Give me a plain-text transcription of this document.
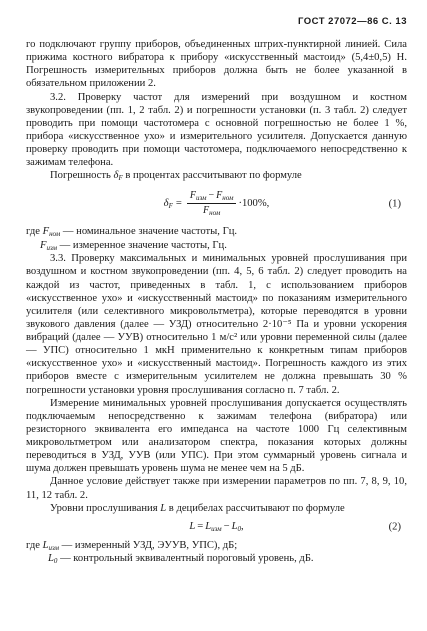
ГОСТ 27072—86 С. 13

го подключают группу приборов, объединенных штрих-пунктирной линией. Сила прижима костного вибратора к прибору «искусственный мастоид» (5,4±0,5) Н. Погрешность измерительных приборов должна быть не более указанной в обязательном приложении 2.

3.2. Проверку частот для измерений при воздушном и костном звукопроведении (пп. 1, 2 табл. 2) и погрешности установки (п. 3 табл. 2) следует проводить при помощи частотомера с основной погрешностью не более 1 %, прибора «искусственное ухо» и измерительного усилителя. Допускается данную проверку проводить при помощи частотомера, подключаемого непосредственно к зажимам телефона.

Погрешность $\delta_F$ в процентах рассчитывают по формуле

$\delta_F = \frac{F_{изм} - F_{ном}}{F_{ном}} \cdot 100\%$,	(1)
где $F_{ном}$ — номинальное значение частоты, Гц.
$F_{изм}$ — измеренное значение частоты, Гц.

3.3. Проверку максимальных и минимальных уровней прослушивания при воздушном и костном звукопроведении (пп. 4, 5, 6 табл. 2) следует проводить на каждой из частот, приведенных в табл. 1, с использованием приборов «искусственное ухо» и «искусственный мастоид» по показаниям измерительного усилителя (или селективного микровольтметра), которые переводятся в уровни звукового давления (далее — УЗД) относительно 2·10⁻⁵ Па и уровни ускорения вибраций (далее — УУВ) относительно 1 м/с² или уровни переменной силы (далее — УПС) относительно 1 мкН применительно к конкретным типам приборов «искусственное ухо» и «искусственный мастоид». Погрешность каждого из этих приборов вместе с измерительным усилителем не должна превышать 30 % погрешности установки уровня прослушивания согласно п. 7 табл. 2.

Измерение минимальных уровней прослушивания допускается осуществлять подключаемым непосредственно к зажимам телефона (вибратора) или резисторного эквивалента его импеданса на частоте 1000 Гц селективным микровольтметром или анализатором спектра, показания которых должны переводиться в УЗД, УУВ (или УПС). При этом суммарный уровень сигнала и шума должен превышать уровень шума не менее чем на 5 дБ.

Данное условие действует также при измерении параметров по пп. 7, 8, 9, 10, 11, 12 табл. 2.

Уровни прослушивания L в децибелах рассчитывают по формуле

$L = L_{изм} - L_0$,	(2)
где $L_{изм}$ — измеренный УЗД, ЭУУВ, УПС), дБ;
$L_0$ — контрольный эквивалентный пороговый уровень, дБ.
